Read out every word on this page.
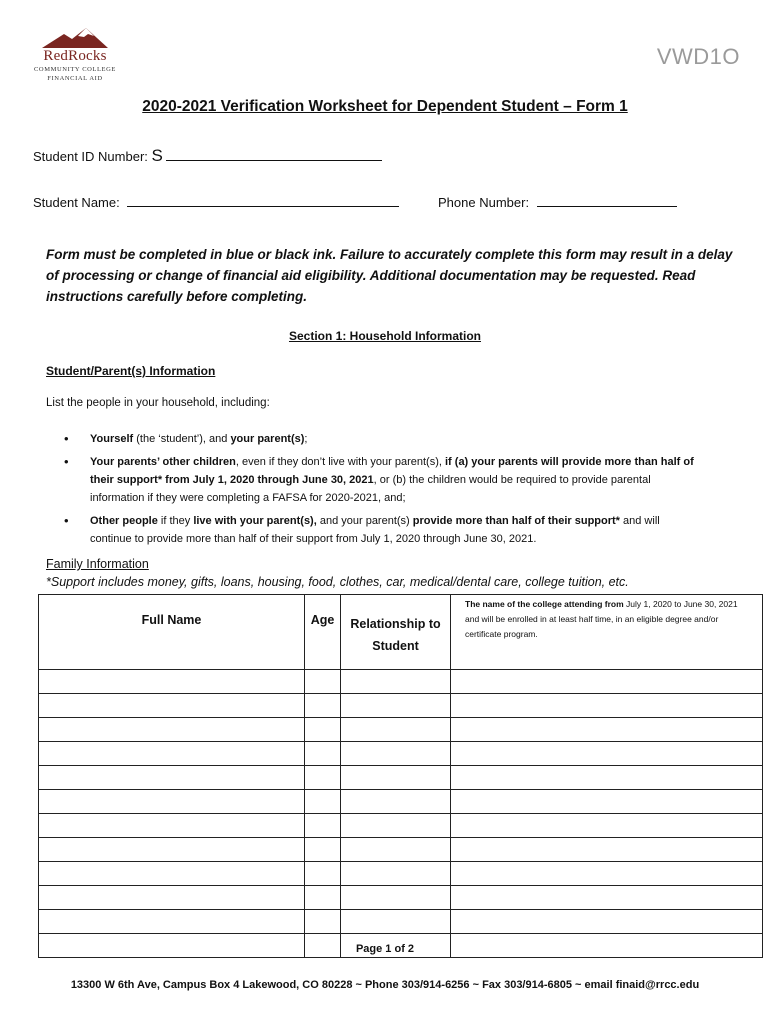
RedRocks
COMMUNITY COLLEGE
FINANCIAL AID
VWD1O
2020-2021 Verification Worksheet for Dependent Student – Form 1
Student ID Number: S
Student Name:	Phone Number:
Form must be completed in blue or black ink. Failure to accurately complete this form may result in a delay of processing or change of financial aid eligibility. Additional documentation may be requested. Read instructions carefully before completing.
Section 1: Household Information
Student/Parent(s) Information
List the people in your household, including:
• Yourself (the ‘student’), and your parent(s);
• Your parents’ other children, even if they don’t live with your parent(s), if (a) your parents will provide more than half of their support* from July 1, 2020 through June 30, 2021, or (b) the children would be required to provide parental information if they were completing a FAFSA for 2020-2021, and;
• Other people if they live with your parent(s), and your parent(s) provide more than half of their support* and will continue to provide more than half of their support from July 1, 2020 through June 30, 2021.
Family Information
*Support includes money, gifts, loans, housing, food, clothes, car, medical/dental care, college tuition, etc.
Full Name	Age	Relationship to Student	The name of the college attending from July 1, 2020 to June 30, 2021 and will be enrolled in at least half time, in an eligible degree and/or certificate program.

Page 1 of 2
13300 W 6th Ave, Campus Box 4 Lakewood, CO 80228 ~ Phone 303/914-6256 ~ Fax 303/914-6805 ~ email finaid@rrcc.edu
